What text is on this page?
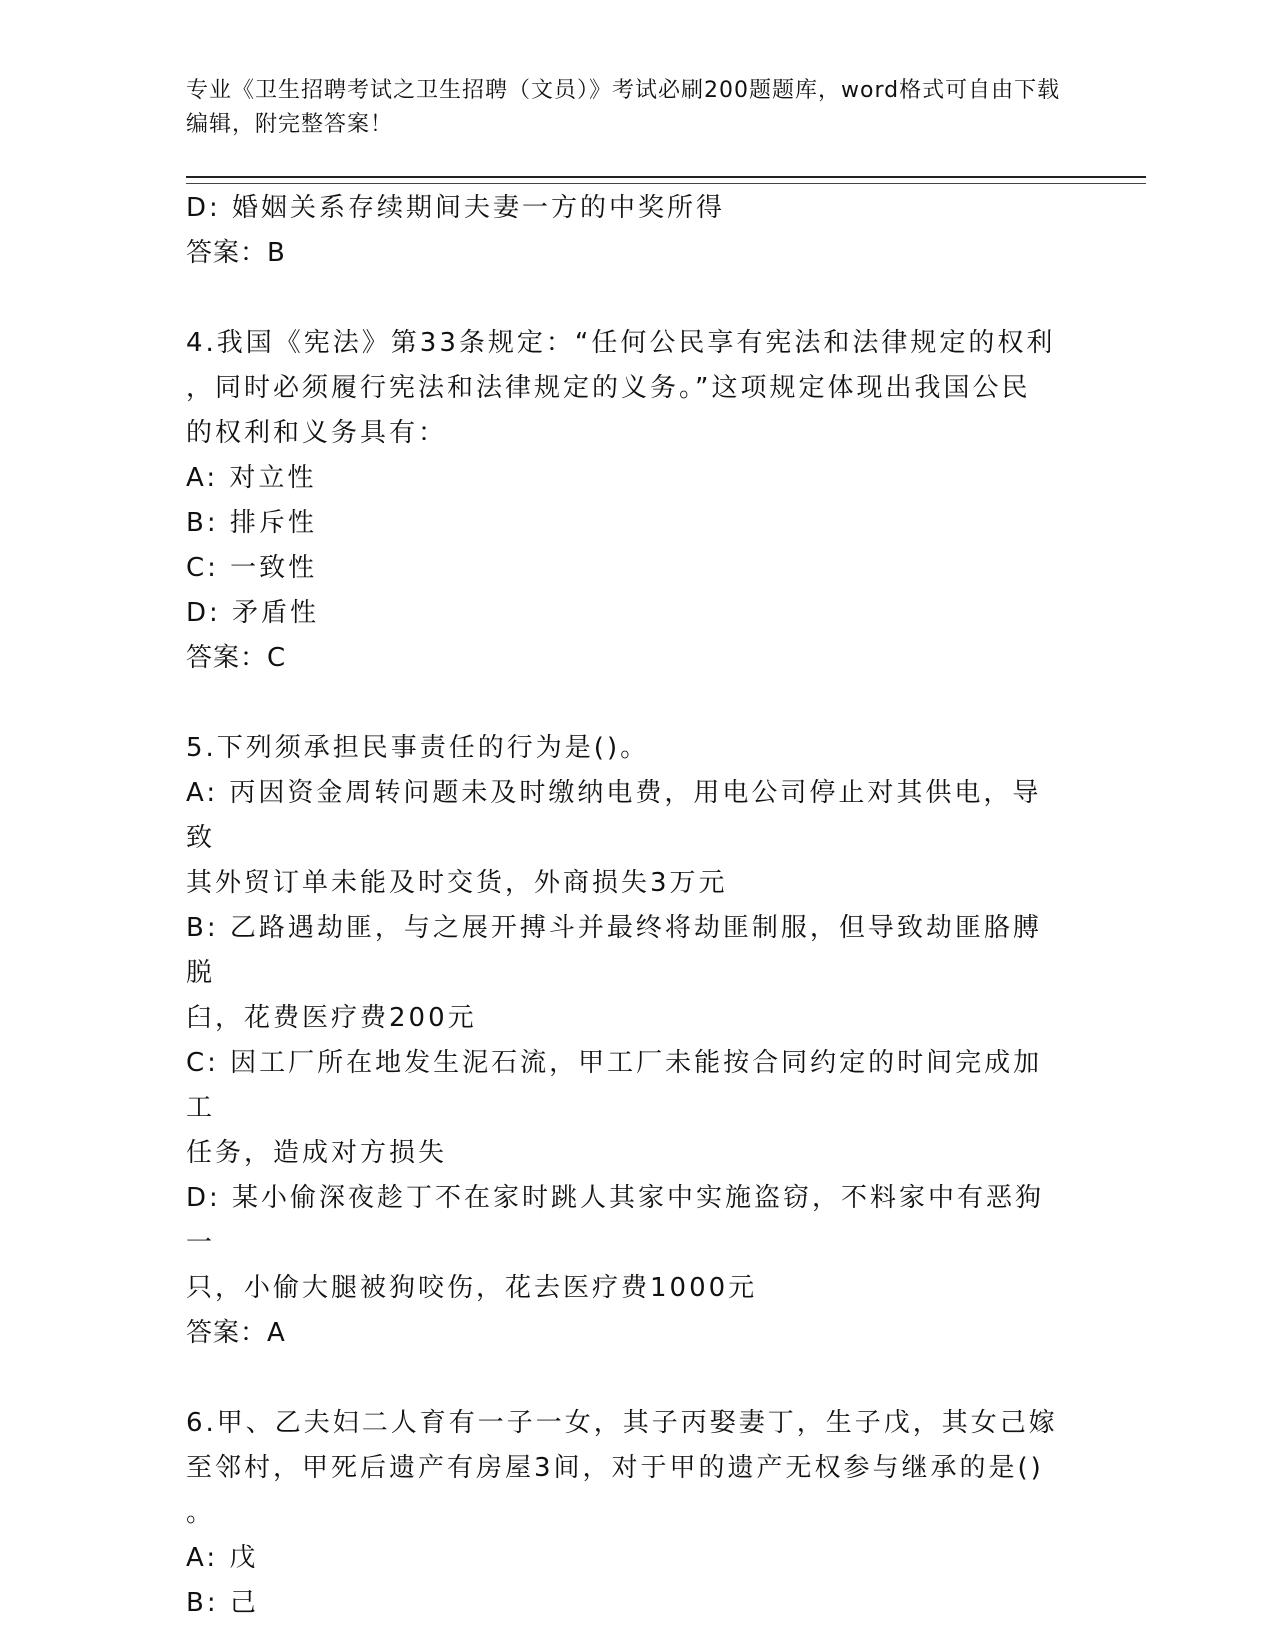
专业《卫生招聘考试之卫生招聘（文员）》考试必刷200题题库，word格式可自由下载编辑，附完整答案！

D: 婚姻关系存续期间夫妻一方的中奖所得

答案：B

4.我国《宪法》第33条规定：“任何公民享有宪法和法律规定的权利

，同时必须履行宪法和法律规定的义务。”这项规定体现出我国公民

的权利和义务具有：

A: 对立性

B: 排斥性

C: 一致性

D: 矛盾性

答案：C

5.下列须承担民事责任的行为是()。

A: 丙因资金周转问题未及时缴纳电费，用电公司停止对其供电，导致

其外贸订单未能及时交货，外商损失3万元

B: 乙路遇劫匪，与之展开搏斗并最终将劫匪制服，但导致劫匪胳膊脱

臼，花费医疗费200元

C: 因工厂所在地发生泥石流，甲工厂未能按合同约定的时间完成加工

任务，造成对方损失

D: 某小偷深夜趁丁不在家时跳人其家中实施盗窃，不料家中有恶狗一

只，小偷大腿被狗咬伤，花去医疗费1000元

答案：A

6.甲、乙夫妇二人育有一子一女，其子丙娶妻丁，生子戊，其女己嫁

至邻村，甲死后遗产有房屋3间，对于甲的遗产无权参与继承的是()

。

A: 戊

B: 己
